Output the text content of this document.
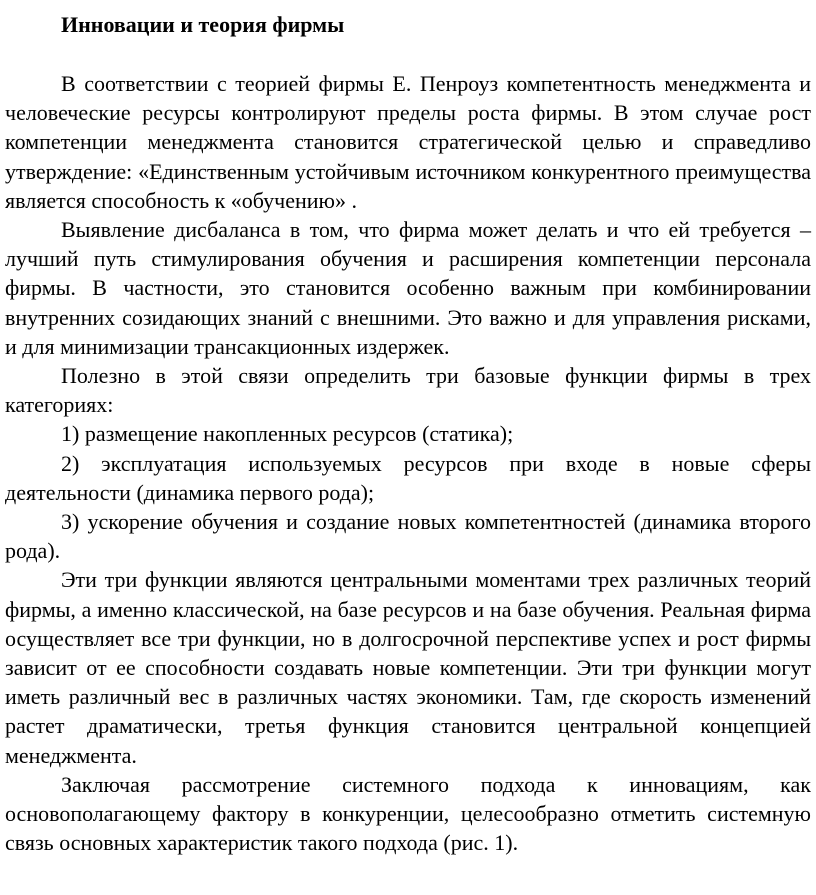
Инновации и теория фирмы

В соответствии с теорией фирмы Е. Пенроуз компетентность менеджмента и человеческие ресурсы контролируют пределы роста фирмы. В этом случае рост компетенции менеджмента становится стратегической целью и справедливо утверждение: «Единственным устойчивым источником конкурентного преимущества является способность к «обучению» .

Выявление дисбаланса в том, что фирма может делать и что ей требуется – лучший путь стимулирования обучения и расширения компетенции персонала фирмы. В частности, это становится особенно важным при комбинировании внутренних созидающих знаний с внешними. Это важно и для управления рисками, и для минимизации трансакционных издержек.

Полезно в этой связи определить три базовые функции фирмы в трех категориях:

1) размещение накопленных ресурсов (статика);

2) эксплуатация используемых ресурсов при входе в новые сферы деятельности (динамика первого рода);

3) ускорение обучения и создание новых компетентностей (динамика второго рода).

Эти три функции являются центральными моментами трех различных теорий фирмы, а именно классической, на базе ресурсов и на базе обучения. Реальная фирма осуществляет все три функции, но в долгосрочной перспективе успех и рост фирмы зависит от ее способности создавать новые компетенции. Эти три функции могут иметь различный вес в различных частях экономики. Там, где скорость изменений растет драматически, третья функция становится центральной концепцией менеджмента.

Заключая рассмотрение системного подхода к инновациям, как основополагающему фактору в конкуренции, целесообразно отметить системную связь основных характеристик такого подхода (рис. 1).
